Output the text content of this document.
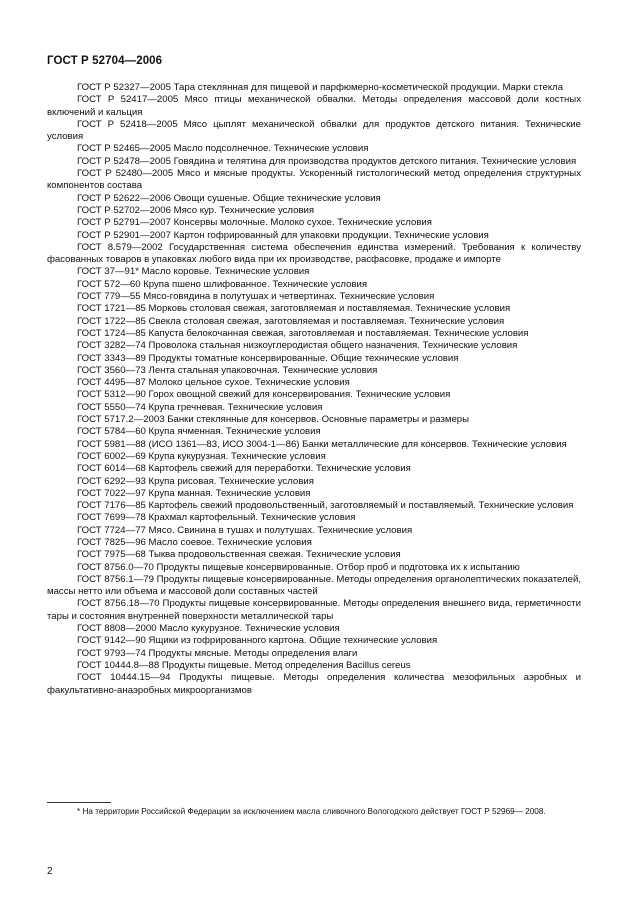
ГОСТ Р 52704—2006

ГОСТ Р 52327—2005 Тара стеклянная для пищевой и парфюмерно-косметической продукции. Марки стекла

ГОСТ Р 52417—2005 Мясо птицы механической обвалки. Методы определения массовой доли костных включений и кальция

ГОСТ Р 52418—2005 Мясо цыплят механической обвалки для продуктов детского питания. Технические условия

ГОСТ Р 52465—2005 Масло подсолнечное. Технические условия

ГОСТ Р 52478—2005 Говядина и телятина для производства продуктов детского питания. Технические условия

ГОСТ Р 52480—2005 Мясо и мясные продукты. Ускоренный гистологический метод определения структурных компонентов состава

ГОСТ Р 52622—2006 Овощи сушеные. Общие технические условия

ГОСТ Р 52702—2006 Мясо кур. Технические условия

ГОСТ Р 52791—2007 Консервы молочные. Молоко сухое. Технические условия

ГОСТ Р 52901—2007 Картон гофрированный для упаковки продукции. Технические условия

ГОСТ 8.579—2002 Государственная система обеспечения единства измерений. Требования к количеству фасованных товаров в упаковках любого вида при их производстве, расфасовке, продаже и импорте

ГОСТ 37—91* Масло коровье. Технические условия

ГОСТ 572—60 Крупа пшено шлифованное. Технические условия

ГОСТ 779—55 Мясо-говядина в полутушах и четвертинах. Технические условия

ГОСТ 1721—85 Морковь столовая свежая, заготовляемая и поставляемая. Технические условия

ГОСТ 1722—85 Свекла столовая свежая, заготовляемая и поставляемая. Технические условия

ГОСТ 1724—85 Капуста белокочанная свежая, заготовляемая и поставляемая. Технические условия

ГОСТ 3282—74 Проволока стальная низкоуглеродистая общего назначения. Технические условия

ГОСТ 3343—89 Продукты томатные консервированные. Общие технические условия

ГОСТ 3560—73 Лента стальная упаковочная. Технические условия

ГОСТ 4495—87 Молоко цельное сухое. Технические условия

ГОСТ 5312—90 Горох овощной свежий для консервирования. Технические условия

ГОСТ 5550—74 Крупа гречневая. Технические условия

ГОСТ 5717.2—2003 Банки стеклянные для консервов. Основные параметры и размеры

ГОСТ 5784—60 Крупа ячменная. Технические условия

ГОСТ 5981—88 (ИСО 1361—83, ИСО 3004-1—86) Банки металлические для консервов. Технические условия

ГОСТ 6002—69 Крупа кукурузная. Технические условия

ГОСТ 6014—68 Картофель свежий для переработки. Технические условия

ГОСТ 6292—93 Крупа рисовая. Технические условия

ГОСТ 7022—97 Крупа манная. Технические условия

ГОСТ 7176—85 Картофель свежий продовольственный, заготовляемый и поставляемый. Технические условия

ГОСТ 7699—78 Крахмал картофельный. Технические условия

ГОСТ 7724—77 Мясо. Свинина в тушах и полутушах. Технические условия

ГОСТ 7825—96 Масло соевое. Технические условия

ГОСТ 7975—68 Тыква продовольственная свежая. Технические условия

ГОСТ 8756.0—70 Продукты пищевые консервированные. Отбор проб и подготовка их к испытанию

ГОСТ 8756.1—79 Продукты пищевые консервированные. Методы определения органолептических показателей, массы нетто или объема и массовой доли составных частей

ГОСТ 8756.18—70 Продукты пищевые консервированные. Методы определения внешнего вида, герметичности тары и состояния внутренней поверхности металлической тары

ГОСТ 8808—2000 Масло кукурузное. Технические условия

ГОСТ 9142—90 Ящики из гофрированного картона. Общие технические условия

ГОСТ 9793—74 Продукты мясные. Методы определения влаги

ГОСТ 10444.8—88 Продукты пищевые. Метод определения Bacillus cereus

ГОСТ 10444.15—94 Продукты пищевые. Методы определения количества мезофильных аэробных и факультативно-анаэробных микроорганизмов

* На территории Российской Федерации за исключением масла сливочного Вологодского действует ГОСТ Р 52969— 2008.
2
